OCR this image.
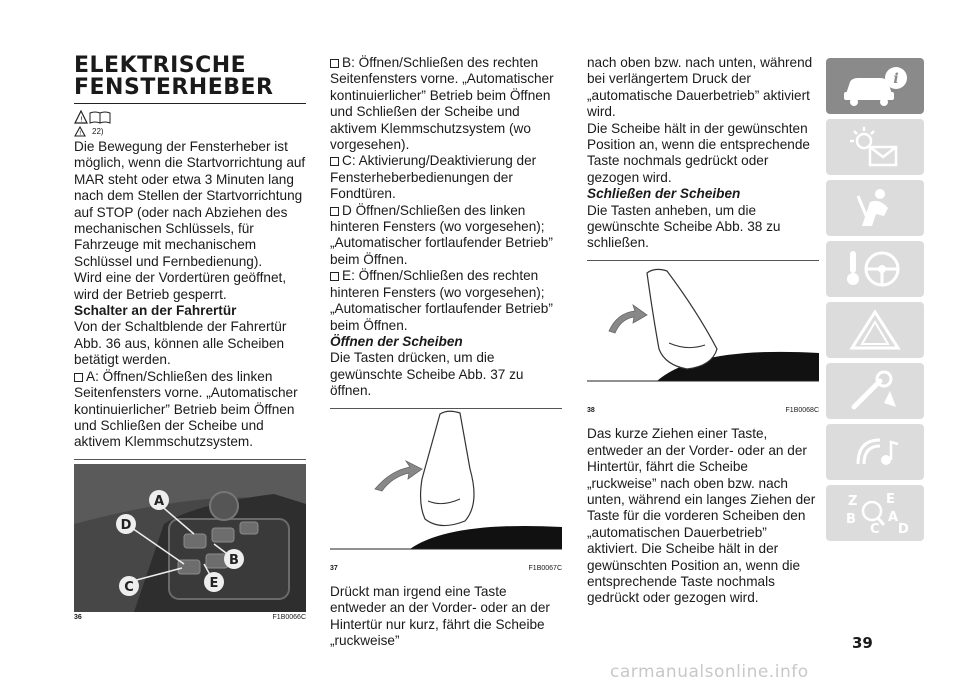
ELEKTRISCHE
FENSTERHEBER
!
! 22)

Die Bewegung der Fensterheber ist möglich, wenn die Startvorrichtung auf MAR steht oder etwa 3 Minuten lang nach dem Stellen der Startvorrichtung auf STOP (oder nach Abziehen des mechanischen Schlüssels, für Fahrzeuge mit mechanischem Schlüssel und Fernbedienung).

Wird eine der Vordertüren geöffnet, wird der Betrieb gesperrt.

Schalter an der Fahrertür

Von der Schaltblende der Fahrertür Abb. 36 aus, können alle Scheiben betätigt werden.

A: Öffnen/Schließen des linken Seitenfensters vorne. „Automatischer kontinuierlicher” Betrieb beim Öffnen und Schließen der Scheibe und aktivem Klemmschutzsystem.

A
B
C
D
E
36	F1B0066C

B: Öffnen/Schließen des rechten Seitenfensters vorne. „Automatischer kontinuierlicher” Betrieb beim Öffnen und Schließen der Scheibe und aktivem Klemmschutzsystem (wo vorgesehen).

C: Aktivierung/Deaktivierung der Fensterheberbedienungen der Fondtüren.

D Öffnen/Schließen des linken hinteren Fensters (wo vorgesehen); „Automatischer fortlaufender Betrieb” beim Öffnen.

E: Öffnen/Schließen des rechten hinteren Fensters (wo vorgesehen); „Automatischer fortlaufender Betrieb” beim Öffnen.

Öffnen der Scheiben

Die Tasten drücken, um die gewünschte Scheibe Abb. 37 zu öffnen.

37	F1B0067C

Drückt man irgend eine Taste entweder an der Vorder- oder an der Hintertür nur kurz, fährt die Scheibe „ruckweise”

nach oben bzw. nach unten, während bei verlängertem Druck der „automatische Dauerbetrieb” aktiviert wird.

Die Scheibe hält in der gewünschten Position an, wenn die entsprechende Taste nochmals gedrückt oder gezogen wird.

Schließen der Scheiben

Die Tasten anheben, um die gewünschte Scheibe Abb. 38 zu schließen.

38	F1B0068C

Das kurze Ziehen einer Taste, entweder an der Vorder- oder an der Hintertür, fährt die Scheibe „ruckweise” nach oben bzw. nach unten, während ein langes Ziehen der Taste für die vorderen Scheiben den „automatischen Dauerbetrieb” aktiviert. Die Scheibe hält in der gewünschten Position an, wenn die entsprechende Taste nochmals gedrückt oder gezogen wird.

i
Z E
B A
C D
39
carmanualsonline.info
